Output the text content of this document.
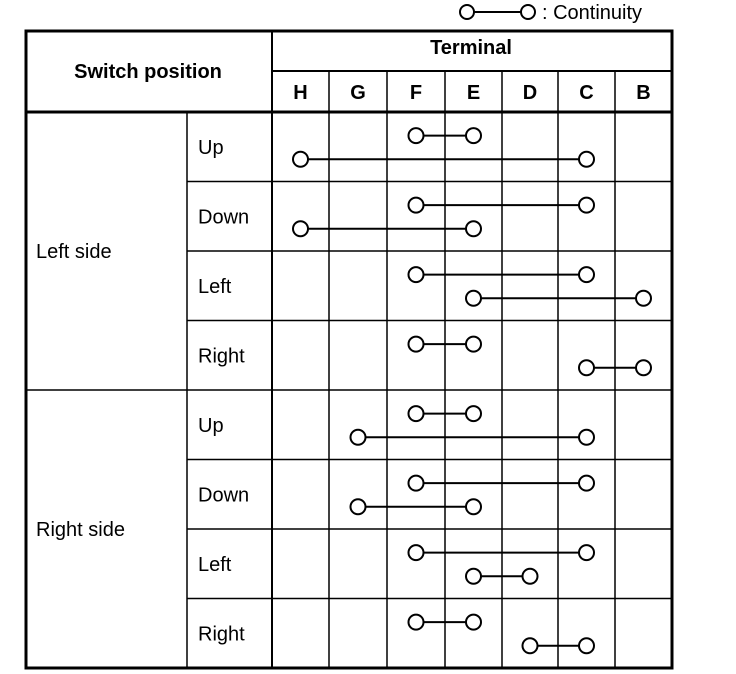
: Continuity
Switch position
Terminal
H G F E D C B
Left side
Up
Down
Left
Right
Right side
Up
Down
Left
Right
